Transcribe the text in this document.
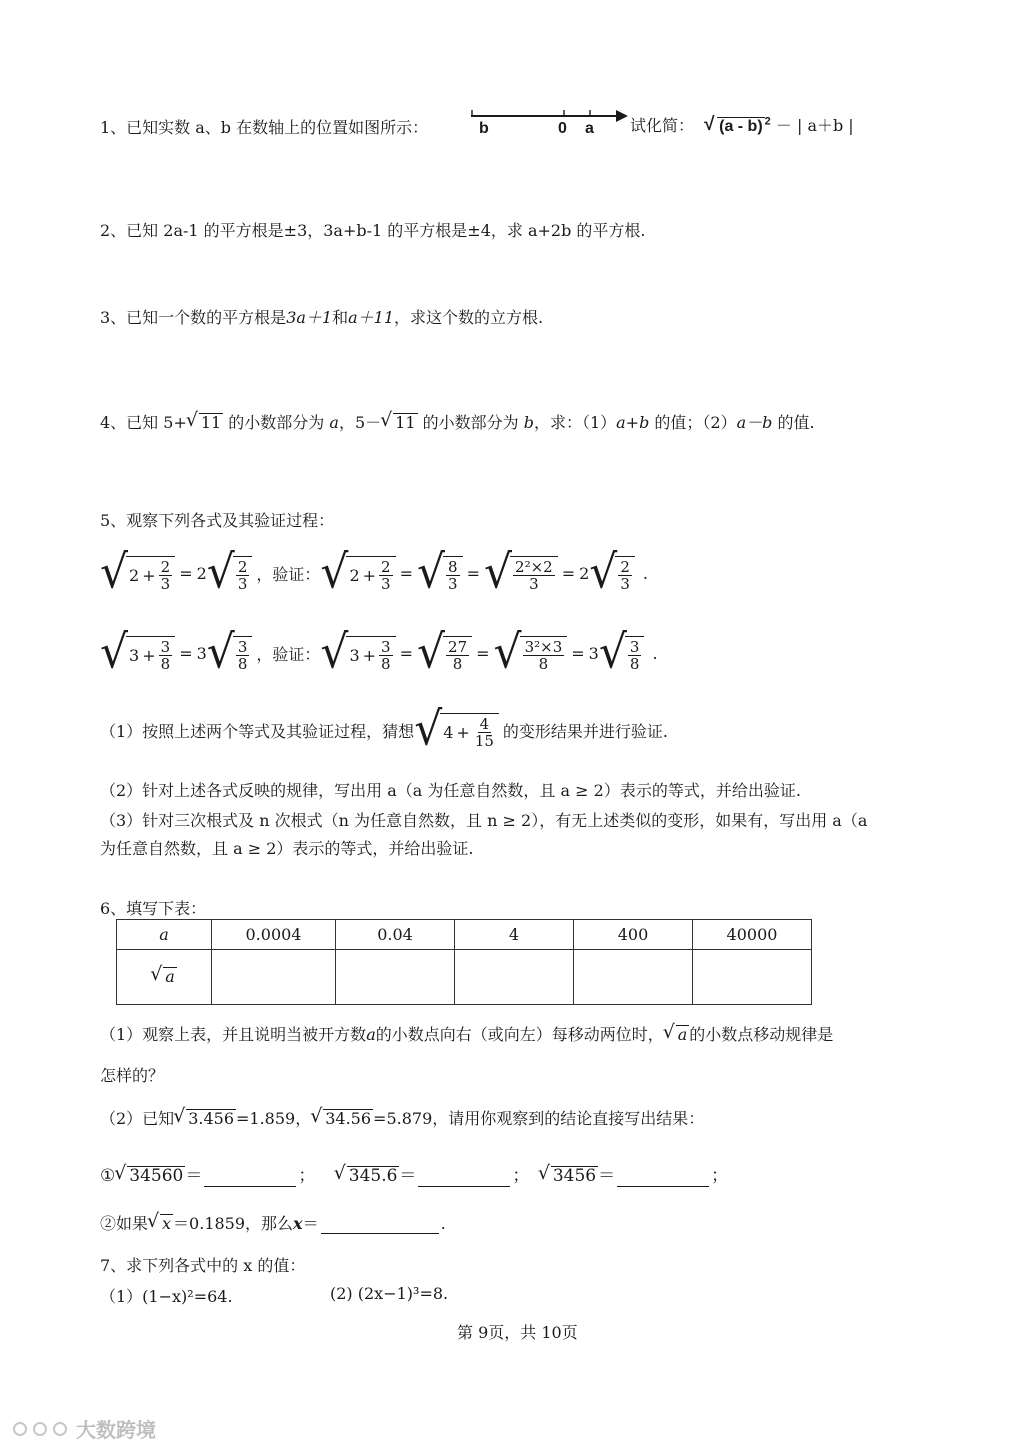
1、已知实数 a、b 在数轴上的位置如图所示：	b	0 a 试化简： √ (a - b) $^2$ － | a＋b |
2、已知 2a-1 的平方根是±3，3a+b-1 的平方根是±4，求 a+2b 的平方根.
3、已知一个数的平方根是3a＋1和a＋11，求这个数的立方根.
4、已知 5+ √ 11 的小数部分为 a，5－ √ 11 的小数部分为 b，求：（1）a+b 的值；（2）a－b 的值.
5、观察下列各式及其验证过程：
√ $2 + \frac{2}{3} = 2$ √ $\frac{2}{3}$ ，验证： √ $2 + \frac{2}{3}$ = √ $\frac{8}{3}$ = √ $\frac{\text{2²×2}}{3} = 2$ √ $\frac{2}{3}$ .
√ $3 + \frac{3}{8} = 3$ √ $\frac{3}{8}$ ，验证： √ $3 + \frac{3}{8}$ = √ $\frac{27}{8}$ = √ $\frac{\text{3²×3}}{8} = 3$ √ $\frac{3}{8}$ .
（1）按照上述两个等式及其验证过程，猜想 √ $4 + \frac{4}{15}$ 的变形结果并进行验证.
（2）针对上述各式反映的规律，写出用 a（a 为任意自然数，且 a ≥ 2）表示的等式，并给出验证.
（3）针对三次根式及 n 次根式（n 为任意自然数，且 n ≥ 2），有无上述类似的变形，如果有，写出用 a（a
为任意自然数，且 a ≥ 2）表示的等式，并给出验证.
6、填写下表：
a	0.0004	0.04	4	400	40000
√ a					
（1）观察上表，并且说明当被开方数a的小数点向右（或向左）每移动两位时， √ a 的小数点移动规律是
怎样的？
（2）已知 √ 3.456 =1.859， √ 34.56 =5.879，请用你观察到的结论直接写出结果：
① √ 34560 ＝	； √ 345.6 ＝	； √ 3456 ＝	；
②如果 √ x ＝0.1859，那么x＝	.
7、求下列各式中的 x 的值：
（1）(1−x)²=64.	(2) (2x−1)³=8.
第 9页，共 10页
大数跨境
